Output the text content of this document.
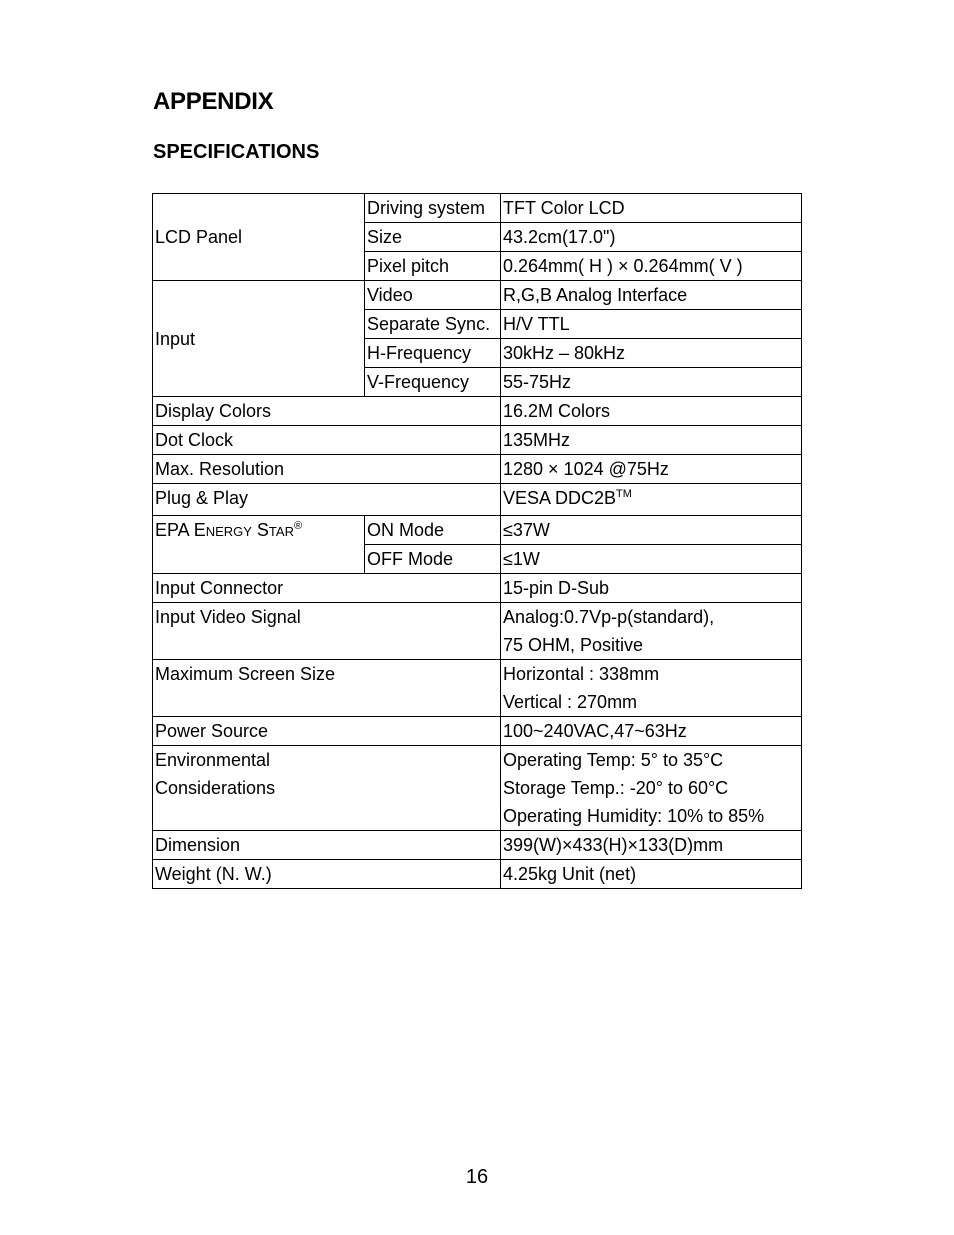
APPENDIX
SPECIFICATIONS
LCD Panel	Driving system	TFT Color LCD
	Size	43.2cm(17.0")
	Pixel pitch	0.264mm( H ) × 0.264mm( V )
Input	Video	R,G,B Analog Interface
	Separate Sync.	H/V TTL
	H-Frequency	30kHz – 80kHz
	V-Frequency	55-75Hz
Display Colors		16.2M Colors
Dot Clock		135MHz
Max. Resolution		1280 × 1024 @75Hz
Plug & Play		VESA DDC2B™
EPA Energy Star®	ON Mode	≤37W
	OFF Mode	≤1W
Input Connector		15-pin D-Sub
Input Video Signal		Analog:0.7Vp-p(standard),
75 OHM, Positive

Maximum Screen Size		Horizontal : 338mm
Vertical : 270mm

Power Source		100~240VAC,47~63Hz

Environmental
Considerations		Operating Temp: 5° to 35°C
Storage Temp.: -20° to 60°C
Operating Humidity: 10% to 85%

Dimension		399(W)×433(H)×133(D)mm
Weight (N. W.)		4.25kg Unit (net)
16
